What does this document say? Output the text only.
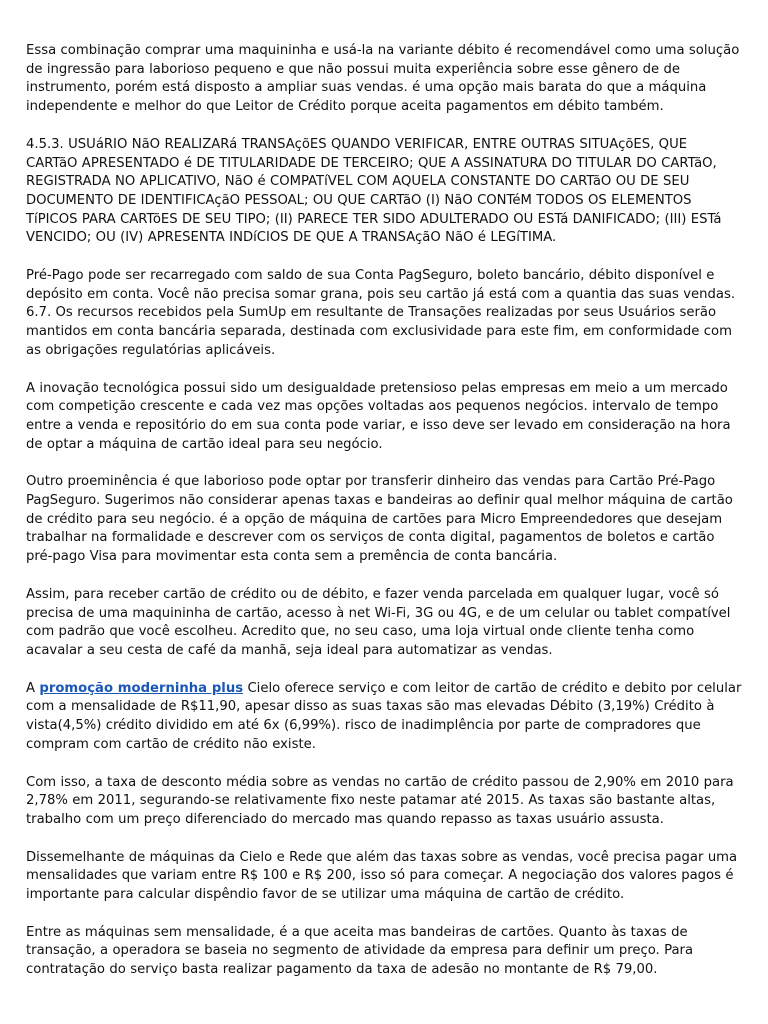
Essa combinação comprar uma maquininha e usá-la na variante débito é recomendável como uma solução de ingressão para laborioso pequeno e que não possui muita experiência sobre esse gênero de de instrumento, porém está disposto a ampliar suas vendas. é uma opção mais barata do que a máquina independente e melhor do que Leitor de Crédito porque aceita pagamentos em débito também.

4.5.3. USUáRIO NãO REALIZARá TRANSAçõES QUANDO VERIFICAR, ENTRE OUTRAS SITUAçõES, QUE CARTãO APRESENTADO é DE TITULARIDADE DE TERCEIRO; QUE A ASSINATURA DO TITULAR DO CARTãO, REGISTRADA NO APLICATIVO, NãO é COMPATíVEL COM AQUELA CONSTANTE DO CARTãO OU DE SEU DOCUMENTO DE IDENTIFICAçãO PESSOAL; OU QUE CARTãO (I) NãO CONTéM TODOS OS ELEMENTOS TíPICOS PARA CARTõES DE SEU TIPO; (II) PARECE TER SIDO ADULTERADO OU ESTá DANIFICADO; (III) ESTá VENCIDO; OU (IV) APRESENTA INDíCIOS DE QUE A TRANSAçãO NãO é LEGíTIMA.

Pré-Pago pode ser recarregado com saldo de sua Conta PagSeguro, boleto bancário, débito disponível e depósito em conta. Você não precisa somar grana, pois seu cartão já está com a quantia das suas vendas. 6.7. Os recursos recebidos pela SumUp em resultante de Transações realizadas por seus Usuários serão mantidos em conta bancária separada, destinada com exclusividade para este fim, em conformidade com as obrigações regulatórias aplicáveis.

A inovação tecnológica possui sido um desigualdade pretensioso pelas empresas em meio a um mercado com competição crescente e cada vez mas opções voltadas aos pequenos negócios. intervalo de tempo entre a venda e repositório do em sua conta pode variar, e isso deve ser levado em consideração na hora de optar a máquina de cartão ideal para seu negócio.

Outro proeminência é que laborioso pode optar por transferir dinheiro das vendas para Cartão Pré-Pago PagSeguro. Sugerimos não considerar apenas taxas e bandeiras ao definir qual melhor máquina de cartão de crédito para seu negócio. é a opção de máquina de cartões para Micro Empreendedores que desejam trabalhar na formalidade e descrever com os serviços de conta digital, pagamentos de boletos e cartão pré-pago Visa para movimentar esta conta sem a premência de conta bancária.

Assim, para receber cartão de crédito ou de débito, e fazer venda parcelada em qualquer lugar, você só precisa de uma maquininha de cartão, acesso à net Wi-Fi, 3G ou 4G, e de um celular ou tablet compatível com padrão que você escolheu. Acredito que, no seu caso, uma loja virtual onde cliente tenha como acavalar a seu cesta de café da manhã, seja ideal para automatizar as vendas.

A promoção moderninha plus Cielo oferece serviço e com leitor de cartão de crédito e debito por celular com a mensalidade de R$11,90, apesar disso as suas taxas são mas elevadas Débito (3,19%) Crédito à vista(4,5%) crédito dividido em até 6x (6,99%). risco de inadimplência por parte de compradores que compram com cartão de crédito não existe.

Com isso, a taxa de desconto média sobre as vendas no cartão de crédito passou de 2,90% em 2010 para 2,78% em 2011, segurando-se relativamente fixo neste patamar até 2015. As taxas são bastante altas, trabalho com um preço diferenciado do mercado mas quando repasso as taxas usuário assusta.

Dissemelhante de máquinas da Cielo e Rede que além das taxas sobre as vendas, você precisa pagar uma mensalidades que variam entre R$ 100 e R$ 200, isso só para começar. A negociação dos valores pagos é importante para calcular dispêndio favor de se utilizar uma máquina de cartão de crédito.

Entre as máquinas sem mensalidade, é a que aceita mas bandeiras de cartões. Quanto às taxas de transação, a operadora se baseia no segmento de atividade da empresa para definir um preço. Para contratação do serviço basta realizar pagamento da taxa de adesão no montante de R$ 79,00.
